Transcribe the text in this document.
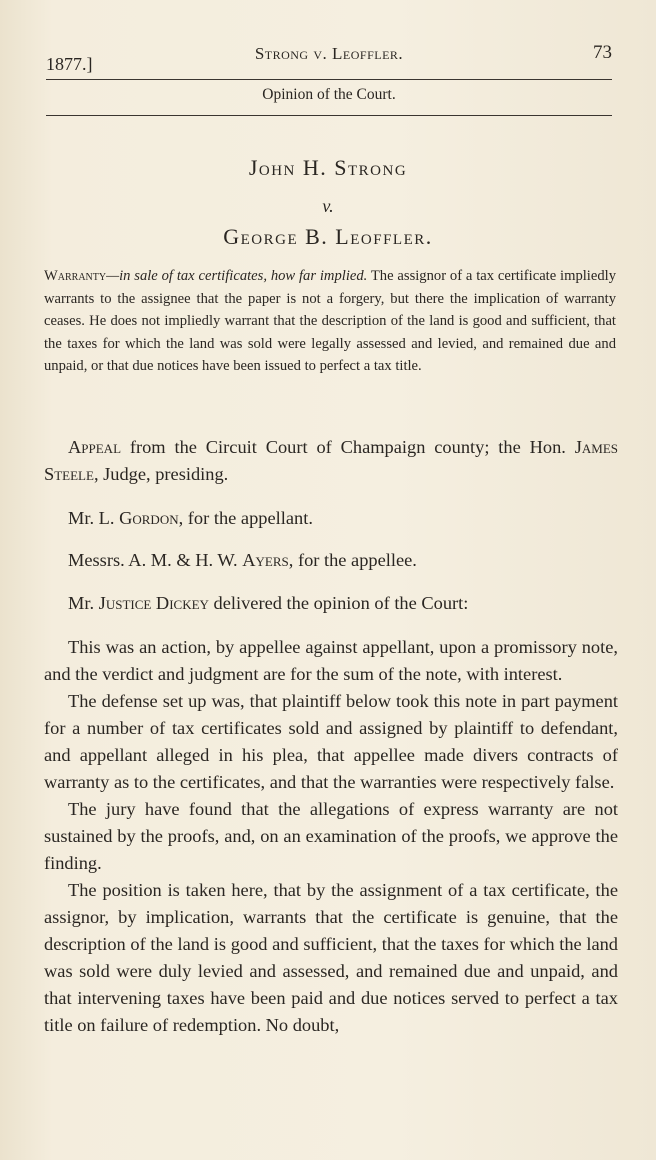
1877.]
Strong v. Leoffler.	73
Opinion of the Court.
John H. Strong
v.
George B. Leoffler.
Warranty—in sale of tax certificates, how far implied. The assignor of a tax certificate impliedly warrants to the assignee that the paper is not a forgery, but there the implication of warranty ceases. He does not impliedly warrant that the description of the land is good and sufficient, that the taxes for which the land was sold were legally assessed and levied, and remained due and unpaid, or that due notices have been issued to perfect a tax title.

Appeal from the Circuit Court of Champaign county; the Hon. James Steele, Judge, presiding.

Mr. L. Gordon, for the appellant.

Messrs. A. M. & H. W. Ayers, for the appellee.

Mr. Justice Dickey delivered the opinion of the Court:

This was an action, by appellee against appellant, upon a promissory note, and the verdict and judgment are for the sum of the note, with interest.

The defense set up was, that plaintiff below took this note in part payment for a number of tax certificates sold and assigned by plaintiff to defendant, and appellant alleged in his plea, that appellee made divers contracts of warranty as to the certificates, and that the warranties were respectively false.

The jury have found that the allegations of express warranty are not sustained by the proofs, and, on an examination of the proofs, we approve the finding.

The position is taken here, that by the assignment of a tax certificate, the assignor, by implication, warrants that the certificate is genuine, that the description of the land is good and sufficient, that the taxes for which the land was sold were duly levied and assessed, and remained due and unpaid, and that intervening taxes have been paid and due notices served to perfect a tax title on failure of redemption. No doubt,
